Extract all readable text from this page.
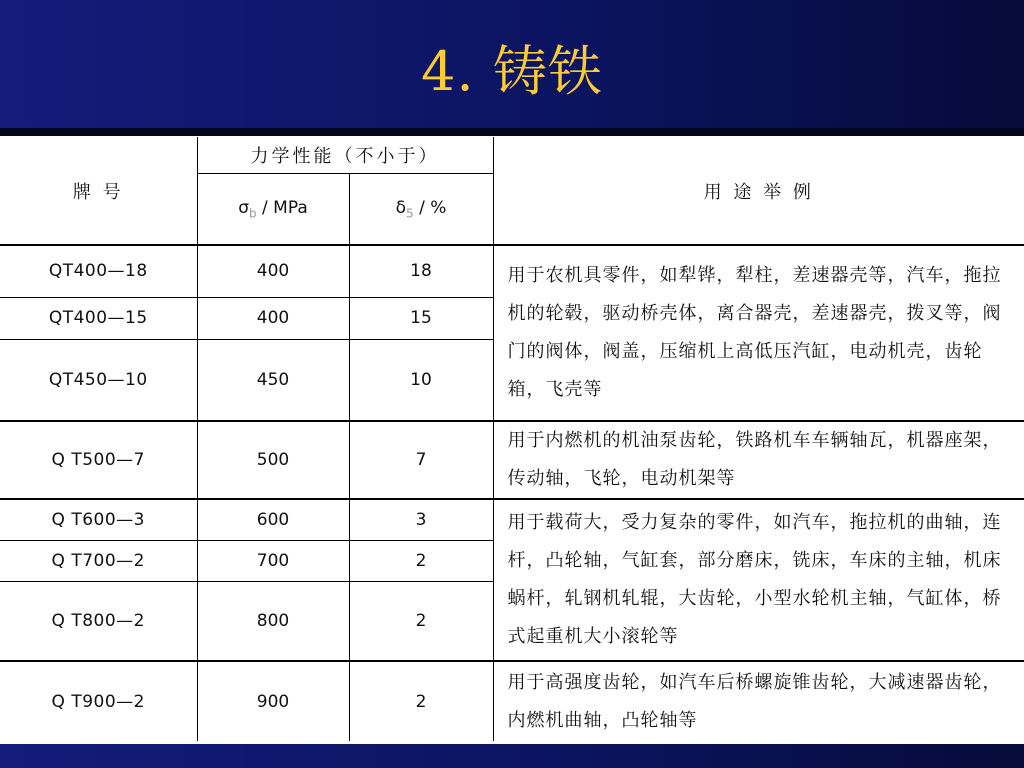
4. 铸铁
牌 号	力学性能（不小于）		用 途 举 例
	$\sigma_b$ / MPa	$\delta_5$ / %	
QT400—18	400	18	用于农机具零件，如犁铧，犁柱，差速器壳等，汽车，拖拉机的轮毂，驱动桥壳体，离合器壳，差速器壳，拨叉等，阀门的阀体，阀盖，压缩机上高低压汽缸，电动机壳，齿轮箱，飞壳等
QT400—15	400	15	
QT450—10	450	10	
Q T500—7	500	7	用于内燃机的机油泵齿轮，铁路机车车辆轴瓦，机器座架，传动轴，飞轮，电动机架等
Q T600—3	600	3	用于载荷大，受力复杂的零件，如汽车，拖拉机的曲轴，连杆，凸轮轴，气缸套，部分磨床，铣床，车床的主轴，机床蜗杆，轧钢机轧辊，大齿轮，小型水轮机主轴，气缸体，桥式起重机大小滚轮等
Q T700—2	700	2	
Q T800—2	800	2	
Q T900—2	900	2	用于高强度齿轮，如汽车后桥螺旋锥齿轮，大减速器齿轮，内燃机曲轴，凸轮轴等
